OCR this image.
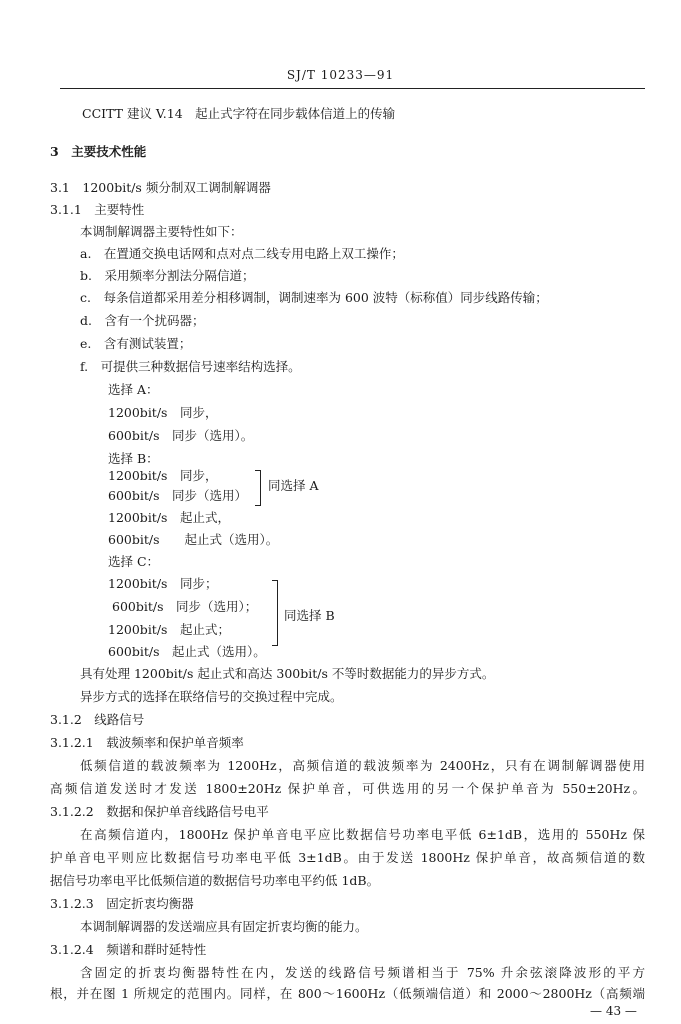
SJ/T 10233—91
CCITT 建议 V.14　起止式字符在同步载体信道上的传输
3　主要技术性能
3.1　1200bit/s 频分制双工调制解调器
3.1.1　主要特性
本调制解调器主要特性如下：
a.　在置通交换电话网和点对点二线专用电路上双工操作；
b.　采用频率分割法分隔信道；
c.　每条信道都采用差分相移调制，调制速率为 600 波特（标称值）同步线路传输；
d.　含有一个扰码器；
e.　含有测试装置；
f.　可提供三种数据信号速率结构选择。
选择 A：
1200bit/s　同步，
600bit/s　同步（选用）。
选择 B：
1200bit/s　同步，
600bit/s　同步（选用）
同选择 A
1200bit/s　起止式，
600bit/s　　起止式（选用）。
选择 C：
1200bit/s　同步；
600bit/s　同步（选用）；
同选择 B
1200bit/s　起止式；
600bit/s　起止式（选用）。
具有处理 1200bit/s 起止式和高达 300bit/s 不等时数据能力的异步方式。
异步方式的选择在联络信号的交换过程中完成。
3.1.2　线路信号
3.1.2.1　载波频率和保护单音频率
低频信道的载波频率为 1200Hz，高频信道的载波频率为 2400Hz，只有在调制解调器使用
高频信道发送时才发送 1800±20Hz 保护单音，可供选用的另一个保护单音为 550±20Hz。
3.1.2.2　数据和保护单音线路信号电平
在高频信道内，1800Hz 保护单音电平应比数据信号功率电平低 6±1dB，选用的 550Hz 保
护单音电平则应比数据信号功率电平低 3±1dB。由于发送 1800Hz 保护单音，故高频信道的数
据信号功率电平比低频信道的数据信号功率电平约低 1dB。
3.1.2.3　固定折衷均衡器
本调制解调器的发送端应具有固定折衷均衡的能力。
3.1.2.4　频谱和群时延特性
含固定的折衷均衡器特性在内，发送的线路信号频谱相当于 75% 升余弦滚降波形的平方
根，并在图 1 所规定的范围内。同样，在 800～1600Hz（低频端信道）和 2000～2800Hz（高频端
— 43 —
